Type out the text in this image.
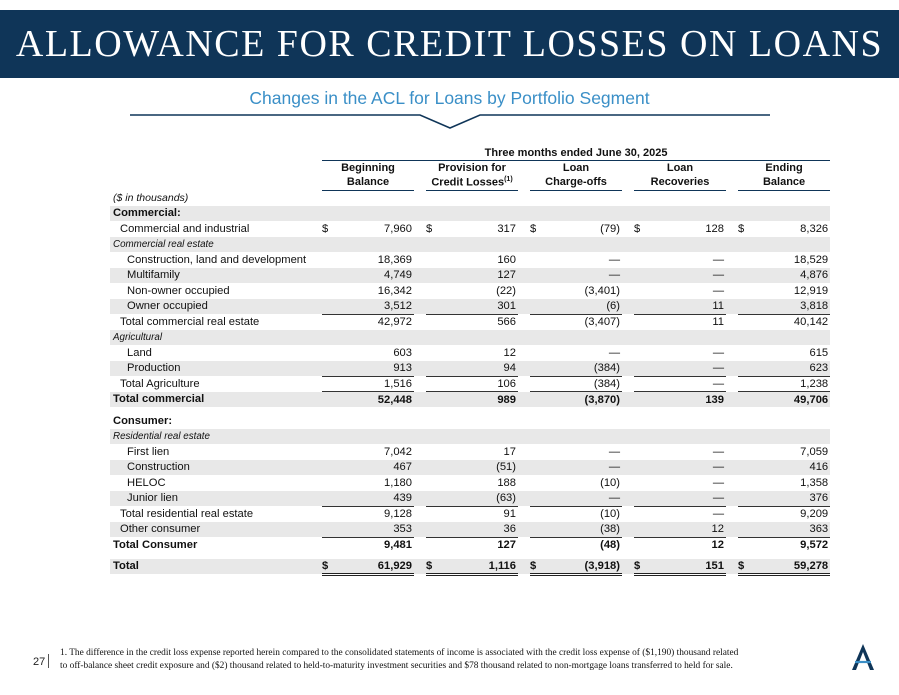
ALLOWANCE FOR CREDIT LOSSES ON LOANS
Changes in the ACL for Loans by Portfolio Segment
	Three months ended June 30, 2025													
	Beginning			Provision for			Loan			Loan			Ending	
	Balance			Credit Losses$^{(1)}$			Charge-offs			Recoveries			Balance	
($ in thousands)														
Commercial:														
Commercial and industrial	$	7,960		$	317		$	(79)		$	128		$	8,326
Commercial real estate														
Construction, land and development		18,369			160			—			—			18,529
Multifamily		4,749			127			—			—			4,876
Non-owner occupied		16,342			(22)			(3,401)			—			12,919
Owner occupied		3,512			301			(6)			11			3,818
Total commercial real estate		42,972			566			(3,407)			11			40,142
Agricultural														
Land		603			12			—			—			615
Production		913			94			(384)			—			623
Total Agriculture		1,516			106			(384)			—			1,238
Total commercial		52,448			989			(3,870)			139			49,706

Consumer:														
Residential real estate														
First lien		7,042			17			—			—			7,059
Construction		467			(51)			—			—			416
HELOC		1,180			188			(10)			—			1,358
Junior lien		439			(63)			—			—			376
Total residential real estate		9,128			91			(10)			—			9,209
Other consumer		353			36			(38)			12			363
Total Consumer		9,481			127			(48)			12			9,572

Total	$	61,929		$	1,116		$	(3,918)		$	151		$	59,278
27
1. The difference in the credit loss expense reported herein compared to the consolidated statements of income is associated with the credit loss expense of ($1,190) thousand related
to off-balance sheet credit exposure and ($2) thousand related to held-to-maturity investment securities and $78 thousand related to non-mortgage loans transferred to held for sale.
